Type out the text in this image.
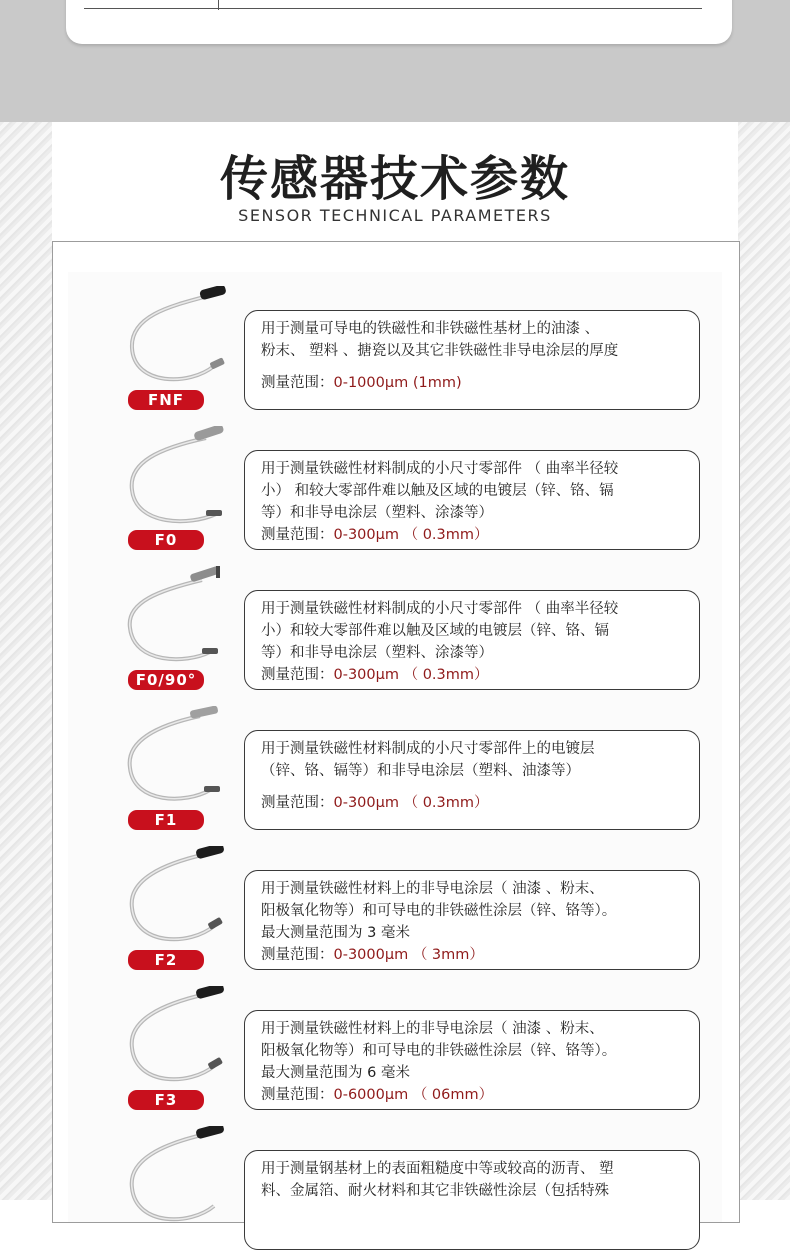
传感器技术参数
SENSOR TECHNICAL PARAMETERS
FNF
用于测量可导电的铁磁性和非铁磁性基材上的油漆 、
粉末、 塑料 、搪瓷以及其它非铁磁性非导电涂层的厚度
测量范围：0-1000μm (1mm)
F0
用于测量铁磁性材料制成的小尺寸零部件 （ 曲率半径较
小） 和较大零部件难以触及区域的电镀层（锌、铬、镉
等）和非导电涂层（塑料、涂漆等）
测量范围：0-300μm （ 0.3mm）
F0/90°
用于测量铁磁性材料制成的小尺寸零部件 （ 曲率半径较
小）和较大零部件难以触及区域的电镀层（锌、铬、镉
等）和非导电涂层（塑料、涂漆等）
测量范围：0-300μm （ 0.3mm）
F1
用于测量铁磁性材料制成的小尺寸零部件上的电镀层
（锌、铬、镉等）和非导电涂层（塑料、油漆等）
测量范围：0-300μm （ 0.3mm）
F2
用于测量铁磁性材料上的非导电涂层（ 油漆 、粉末、
阳极氧化物等）和可导电的非铁磁性涂层（锌、铬等）。
最大测量范围为 3 毫米
测量范围：0-3000μm （ 3mm）
F3
用于测量铁磁性材料上的非导电涂层（ 油漆 、粉末、
阳极氧化物等）和可导电的非铁磁性涂层（锌、铬等）。
最大测量范围为 6 毫米
测量范围：0-6000μm （ 06mm）
用于测量钢基材上的表面粗糙度中等或较高的沥青、 塑
料、金属箔、耐火材料和其它非铁磁性涂层（包括特殊
